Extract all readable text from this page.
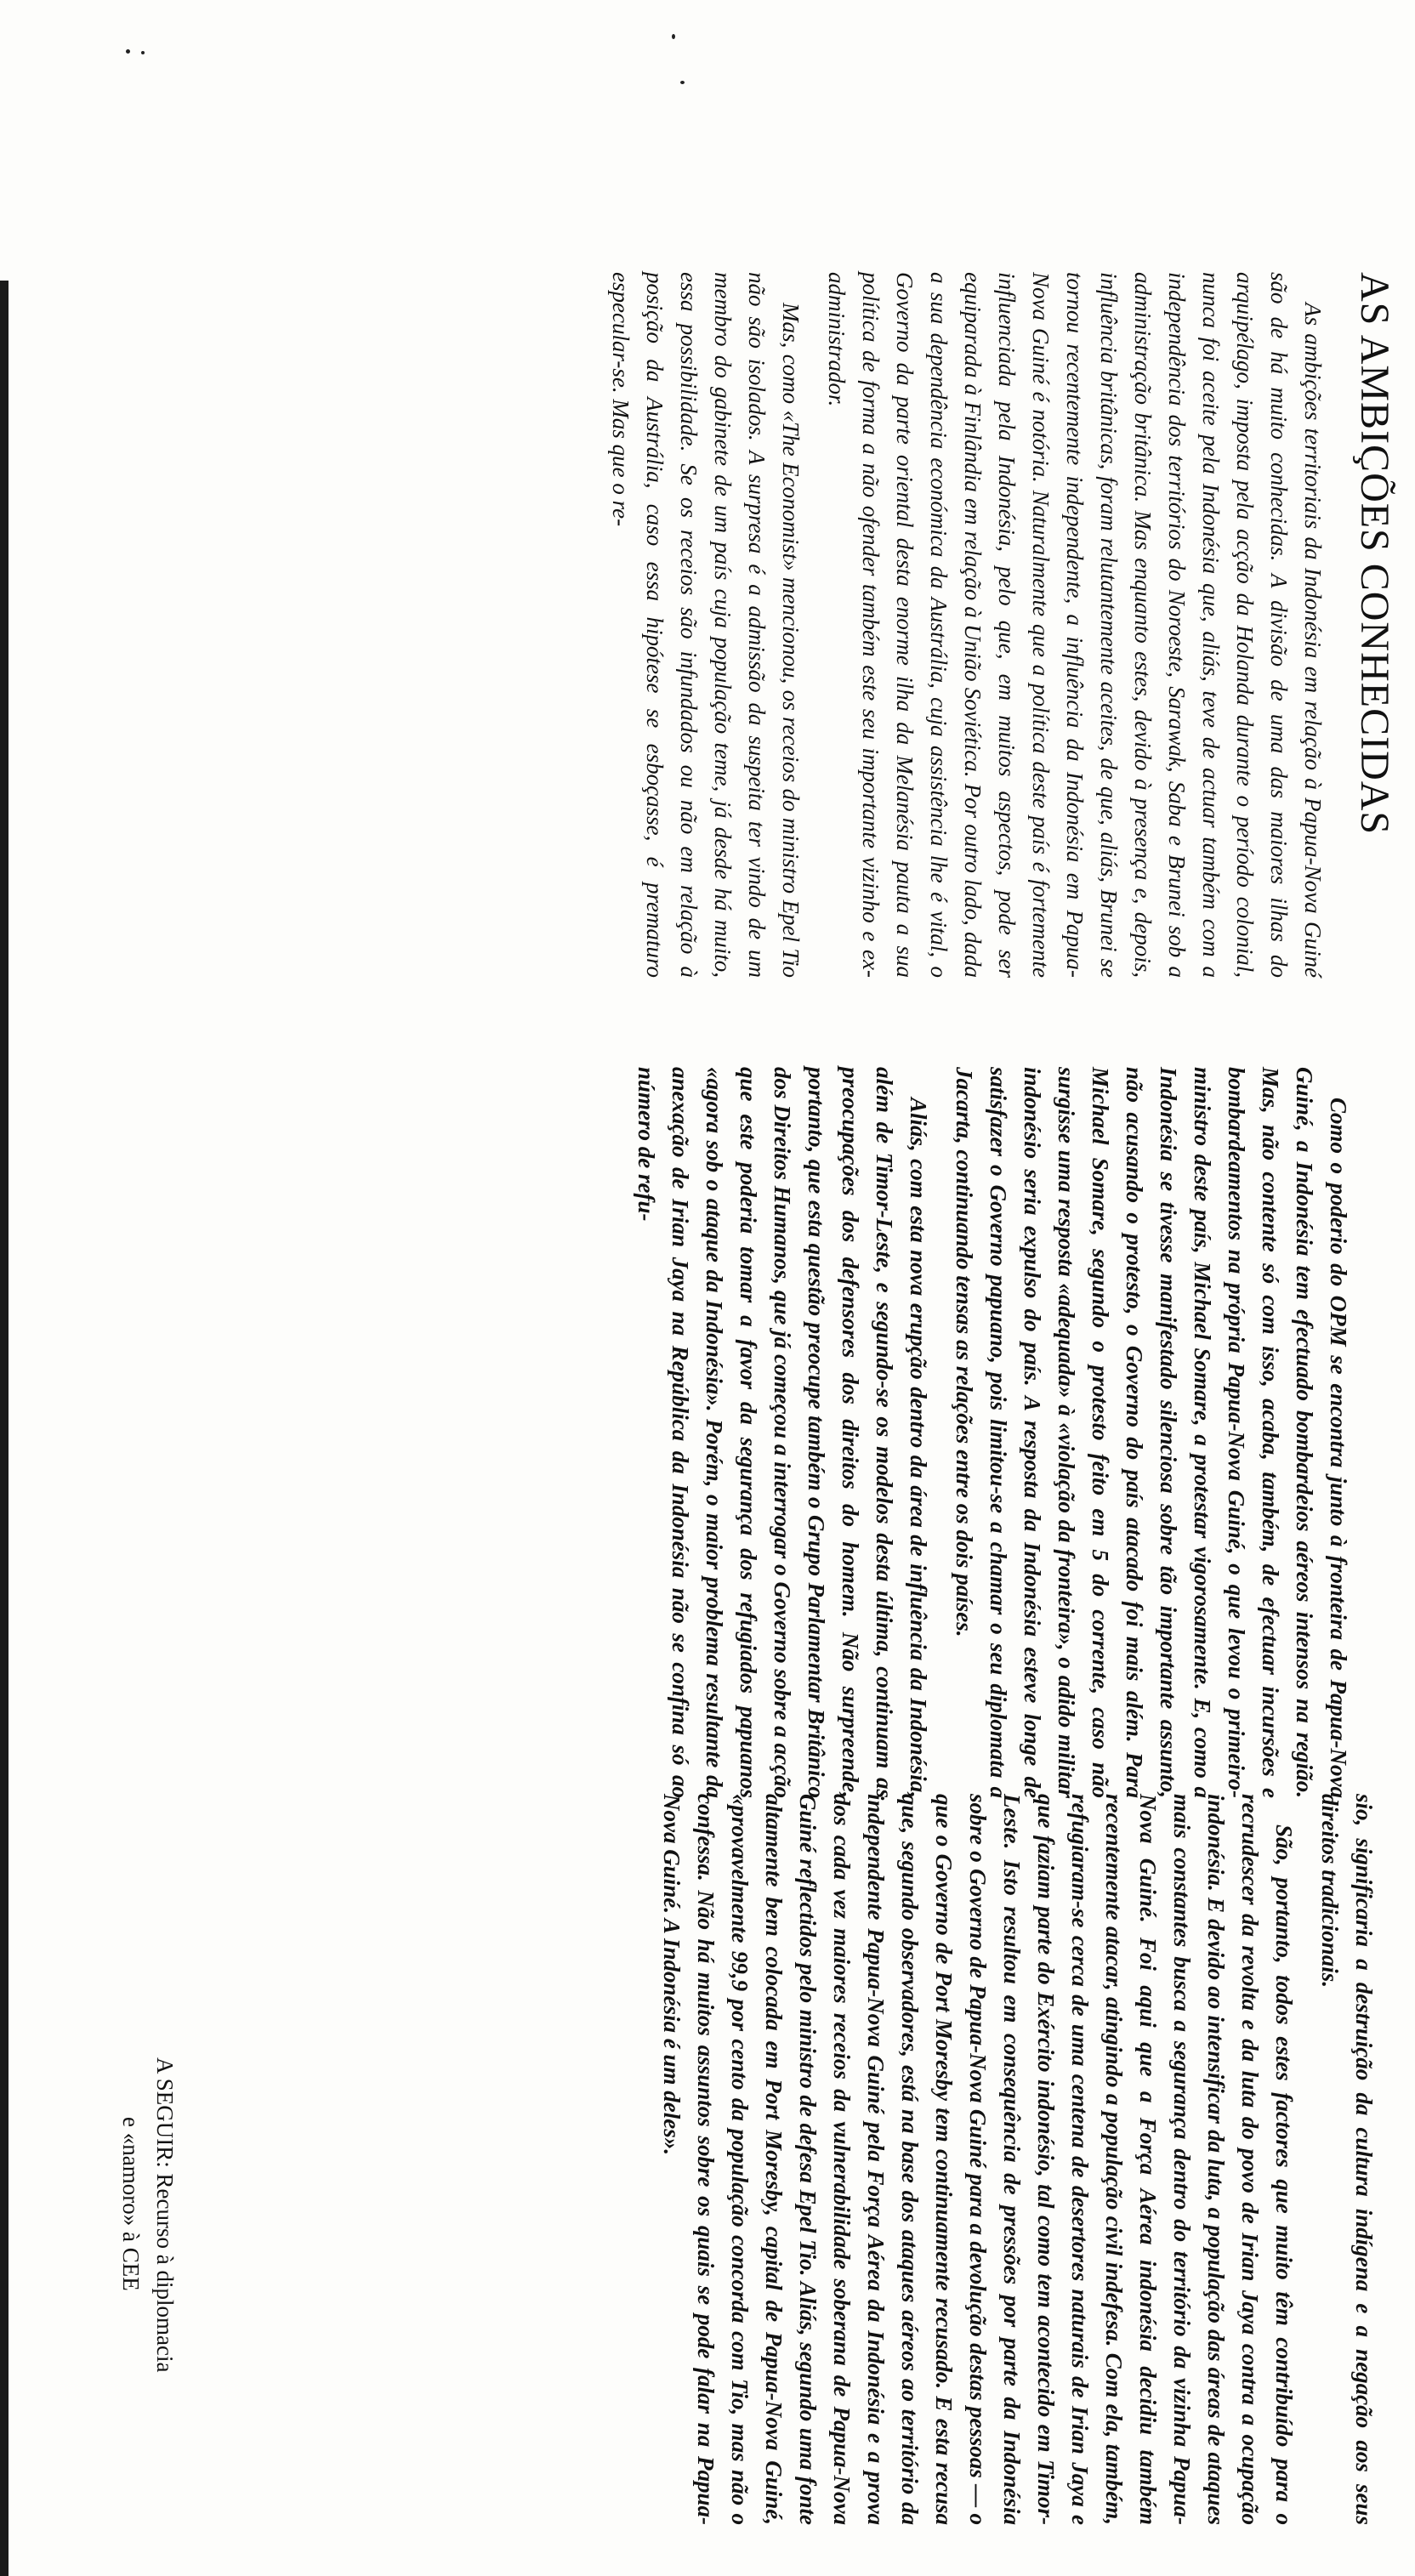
AS AMBIÇÕES CONHECIDAS

As ambições territoriais da Indonésia em relação à Papua-Nova Guiné são de há muito conhecidas. A divisão de uma das maiores ilhas do arquipélago, imposta pela acção da Holanda durante o período colonial, nunca foi aceite pela Indonésia que, aliás, teve de actuar também com a independência dos territórios do Noroeste, Sarawak, Saba e Brunei sob a administração britânica. Mas enquanto estes, devido à presença e, depois, influência britânicas, foram relutantemente aceites, de que, aliás, Brunei se tornou recentemente independente, a influência da Indonésia em Papua-Nova Guiné é notória. Naturalmente que a política deste país é fortemente influenciada pela Indonésia, pelo que, em muitos aspectos, pode ser equiparada à Finlândia em relação à União Soviética. Por outro lado, dada a sua dependência económica da Austrália, cuja assistência lhe é vital, o Governo da parte oriental desta enorme ilha da Melanésia pauta a sua política de forma a não ofender também este seu importante vizinho e ex-administrador.

Mas, como «The Economist» mencionou, os receios do ministro Epel Tio não são isolados. A surpresa é a admissão da suspeita ter vindo de um membro do gabinete de um país cuja população teme, já desde há muito, essa possibilidade. Se os receios são infundados ou não em relação à posição da Austrália, caso essa hipótese se esboçasse, é prematuro especular-se. Mas que o re-

Como o poderio do OPM se encontra junto à fronteira de Papua-Nova Guiné, a Indonésia tem efectuado bombardeios aéreos intensos na região. Mas, não contente só com isso, acaba, também, de efectuar incursões e bombardeamentos na própria Papua-Nova Guiné, o que levou o primeiro-ministro deste país, Michael Somare, a protestar vigorosamente. E, como a Indonésia se tivesse manifestado silenciosa sobre tão importante assunto, não acusando o protesto, o Governo do país atacado foi mais além. Para Michael Somare, segundo o protesto feito em 5 do corrente, caso não surgisse uma resposta «adequada» à «violação da fronteira», o adido militar indonésio seria expulso do país. A resposta da Indonésia esteve longe de satisfazer o Governo papuano, pois limitou-se a chamar o seu diplomata a Jacarta, continuando tensas as relações entre os dois países.

Aliás, com esta nova erupção dentro da área de influência da Indonésia, além de Timor-Leste, e segundo-se os modelos desta última, continuam as preocupações dos defensores dos direitos do homem. Não surpreende, portanto, que esta questão preocupe também o Grupo Parlamentar Britânico dos Direitos Humanos, que já começou a interrogar o Governo sobre a acção que este poderia tomar a favor da segurança dos refugiados papuanos «agora sob o ataque da Indonésia». Porém, o maior problema resultante da anexação de Irian Jaya na República da Indonésia não se confina só ao número de refu-

sio, significaria a destruição da cultura indígena e a negação aos seus direitos tradicionais.

São, portanto, todos estes factores que muito têm contribuído para o recrudescer da revolta e da luta do povo de Irian Jaya contra a ocupação indonésia. E devido ao intensificar da luta, a população das áreas de ataques mais constantes busca a segurança dentro do território da vizinha Papua-Nova Guiné. Foi aqui que a Força Aérea indonésia decidiu também recentemente atacar, atingindo a população civil indefesa. Com ela, também, refugiaram-se cerca de uma centena de desertores naturais de Irian Jaya e que faziam parte do Exército indonésio, tal como tem acontecido em Timor-Leste. Isto resultou em consequência de pressões por parte da Indonésia sobre o Governo de Papua-Nova Guiné para a devolução destas pessoas — o que o Governo de Port Moresby tem continuamente recusado. E esta recusa que, segundo observadores, está na base dos ataques aéreos ao território da independente Papua-Nova Guiné pela Força Aérea da Indonésia e a prova dos cada vez maiores receios da vulnerabilidade soberana de Papua-Nova Guiné reflectidos pelo ministro de defesa Epel Tio. Aliás, segundo uma fonte altamente bem colocada em Port Moresby, capital de Papua-Nova Guiné, «provavelmente 99,9 por cento da população concorda com Tio, mas não o confessa. Não há muitos assuntos sobre os quais se pode falar na Papua-Nova Guiné. A Indonésia é um deles».

A SEGUIR: Recurso à diplomacia
e «namoro» à CEE
